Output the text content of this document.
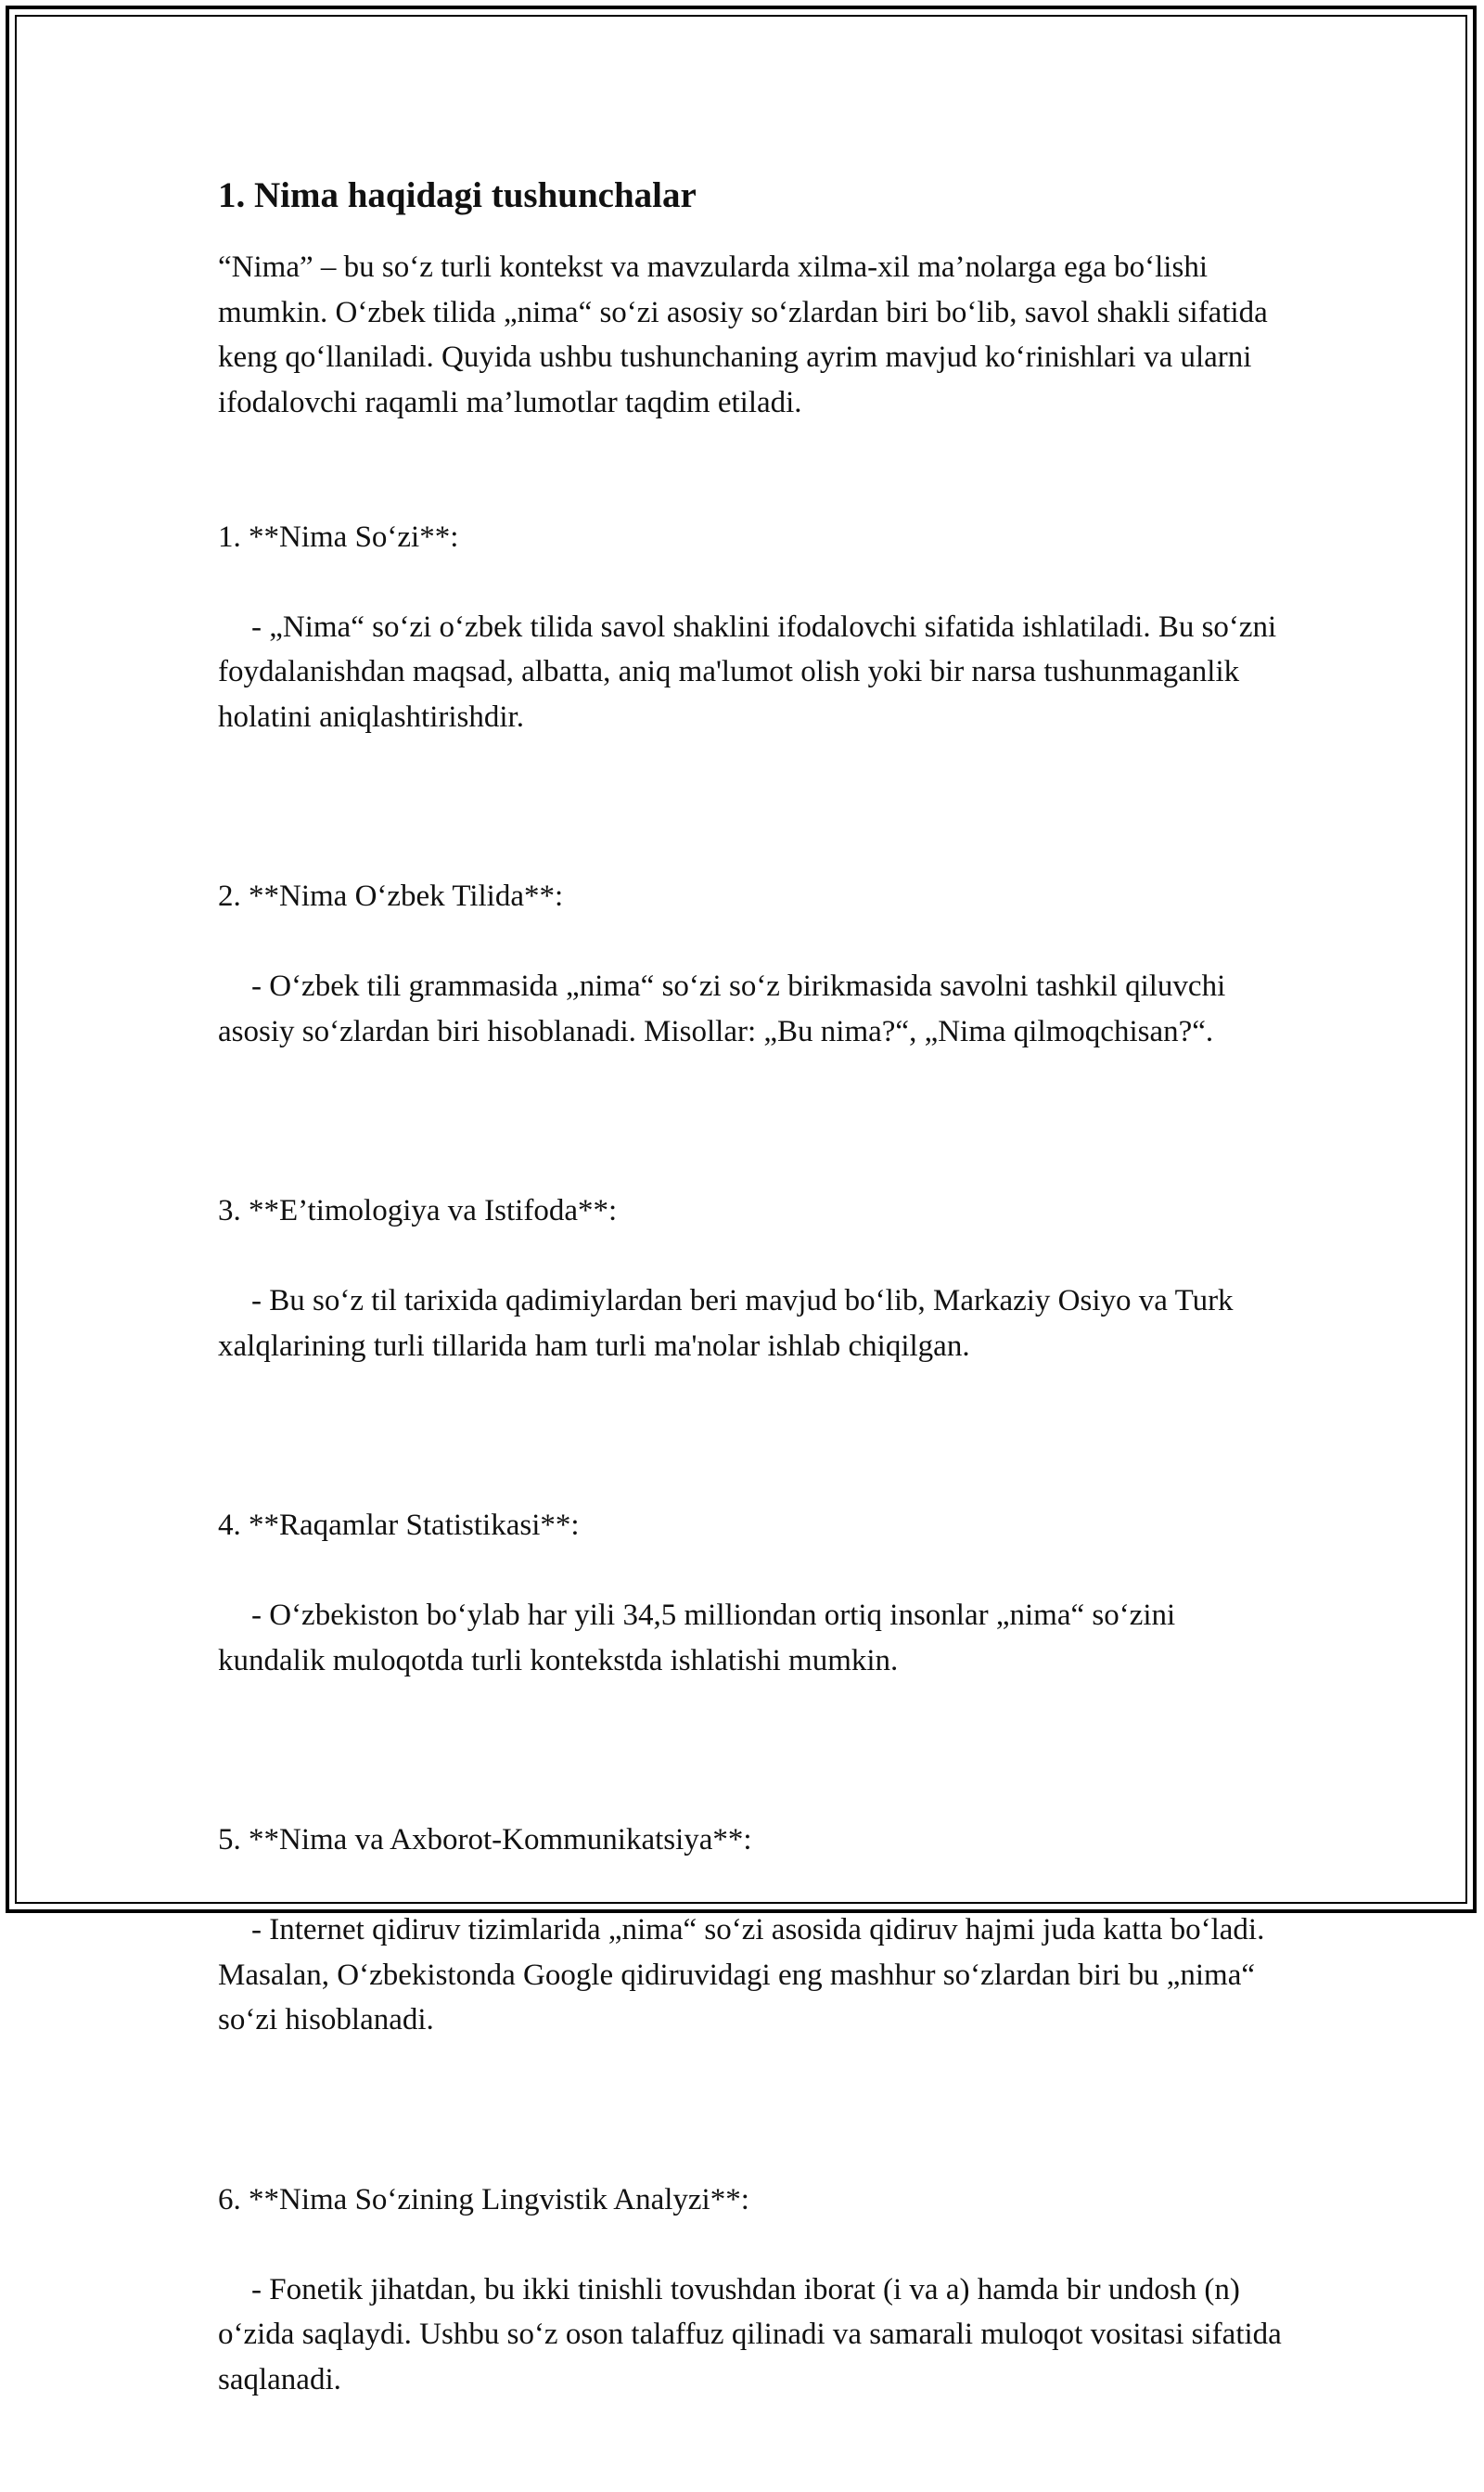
1. Nima haqidagi tushunchalar

“Nima” – bu so‘z turli kontekst va mavzularda xilma-xil ma’nolarga ega bo‘lishi mumkin. O‘zbek tilida „nima“ so‘zi asosiy so‘zlardan biri bo‘lib, savol shakli sifatida keng qo‘llaniladi. Quyida ushbu tushunchaning ayrim mavjud ko‘rinishlari va ularni ifodalovchi raqamli ma’lumotlar taqdim etiladi.

1. **Nima So‘zi**:

- „Nima“ so‘zi o‘zbek tilida savol shaklini ifodalovchi sifatida ishlatiladi. Bu so‘zni foydalanishdan maqsad, albatta, aniq ma'lumot olish yoki bir narsa tushunmaganlik holatini aniqlashtirishdir.

2. **Nima O‘zbek Tilida**:

- O‘zbek tili grammasida „nima“ so‘zi so‘z birikmasida savolni tashkil qiluvchi asosiy so‘zlardan biri hisoblanadi. Misollar: „Bu nima?“, „Nima qilmoqchisan?“.

3. **E’timologiya va Istifoda**:

- Bu so‘z til tarixida qadimiylardan beri mavjud bo‘lib, Markaziy Osiyo va Turk xalqlarining turli tillarida ham turli ma'nolar ishlab chiqilgan.

4. **Raqamlar Statistikasi**:

- O‘zbekiston bo‘ylab har yili 34,5 milliondan ortiq insonlar „nima“ so‘zini kundalik muloqotda turli kontekstda ishlatishi mumkin.

5. **Nima va Axborot-Kommunikatsiya**:

- Internet qidiruv tizimlarida „nima“ so‘zi asosida qidiruv hajmi juda katta bo‘ladi. Masalan, O‘zbekistonda Google qidiruvidagi eng mashhur so‘zlardan biri bu „nima“ so‘zi hisoblanadi.

6. **Nima So‘zining Lingvistik Analyzi**:

- Fonetik jihatdan, bu ikki tinishli tovushdan iborat (i va a) hamda bir undosh (n) o‘zida saqlaydi. Ushbu so‘z oson talaffuz qilinadi va samarali muloqot vositasi sifatida saqlanadi.
